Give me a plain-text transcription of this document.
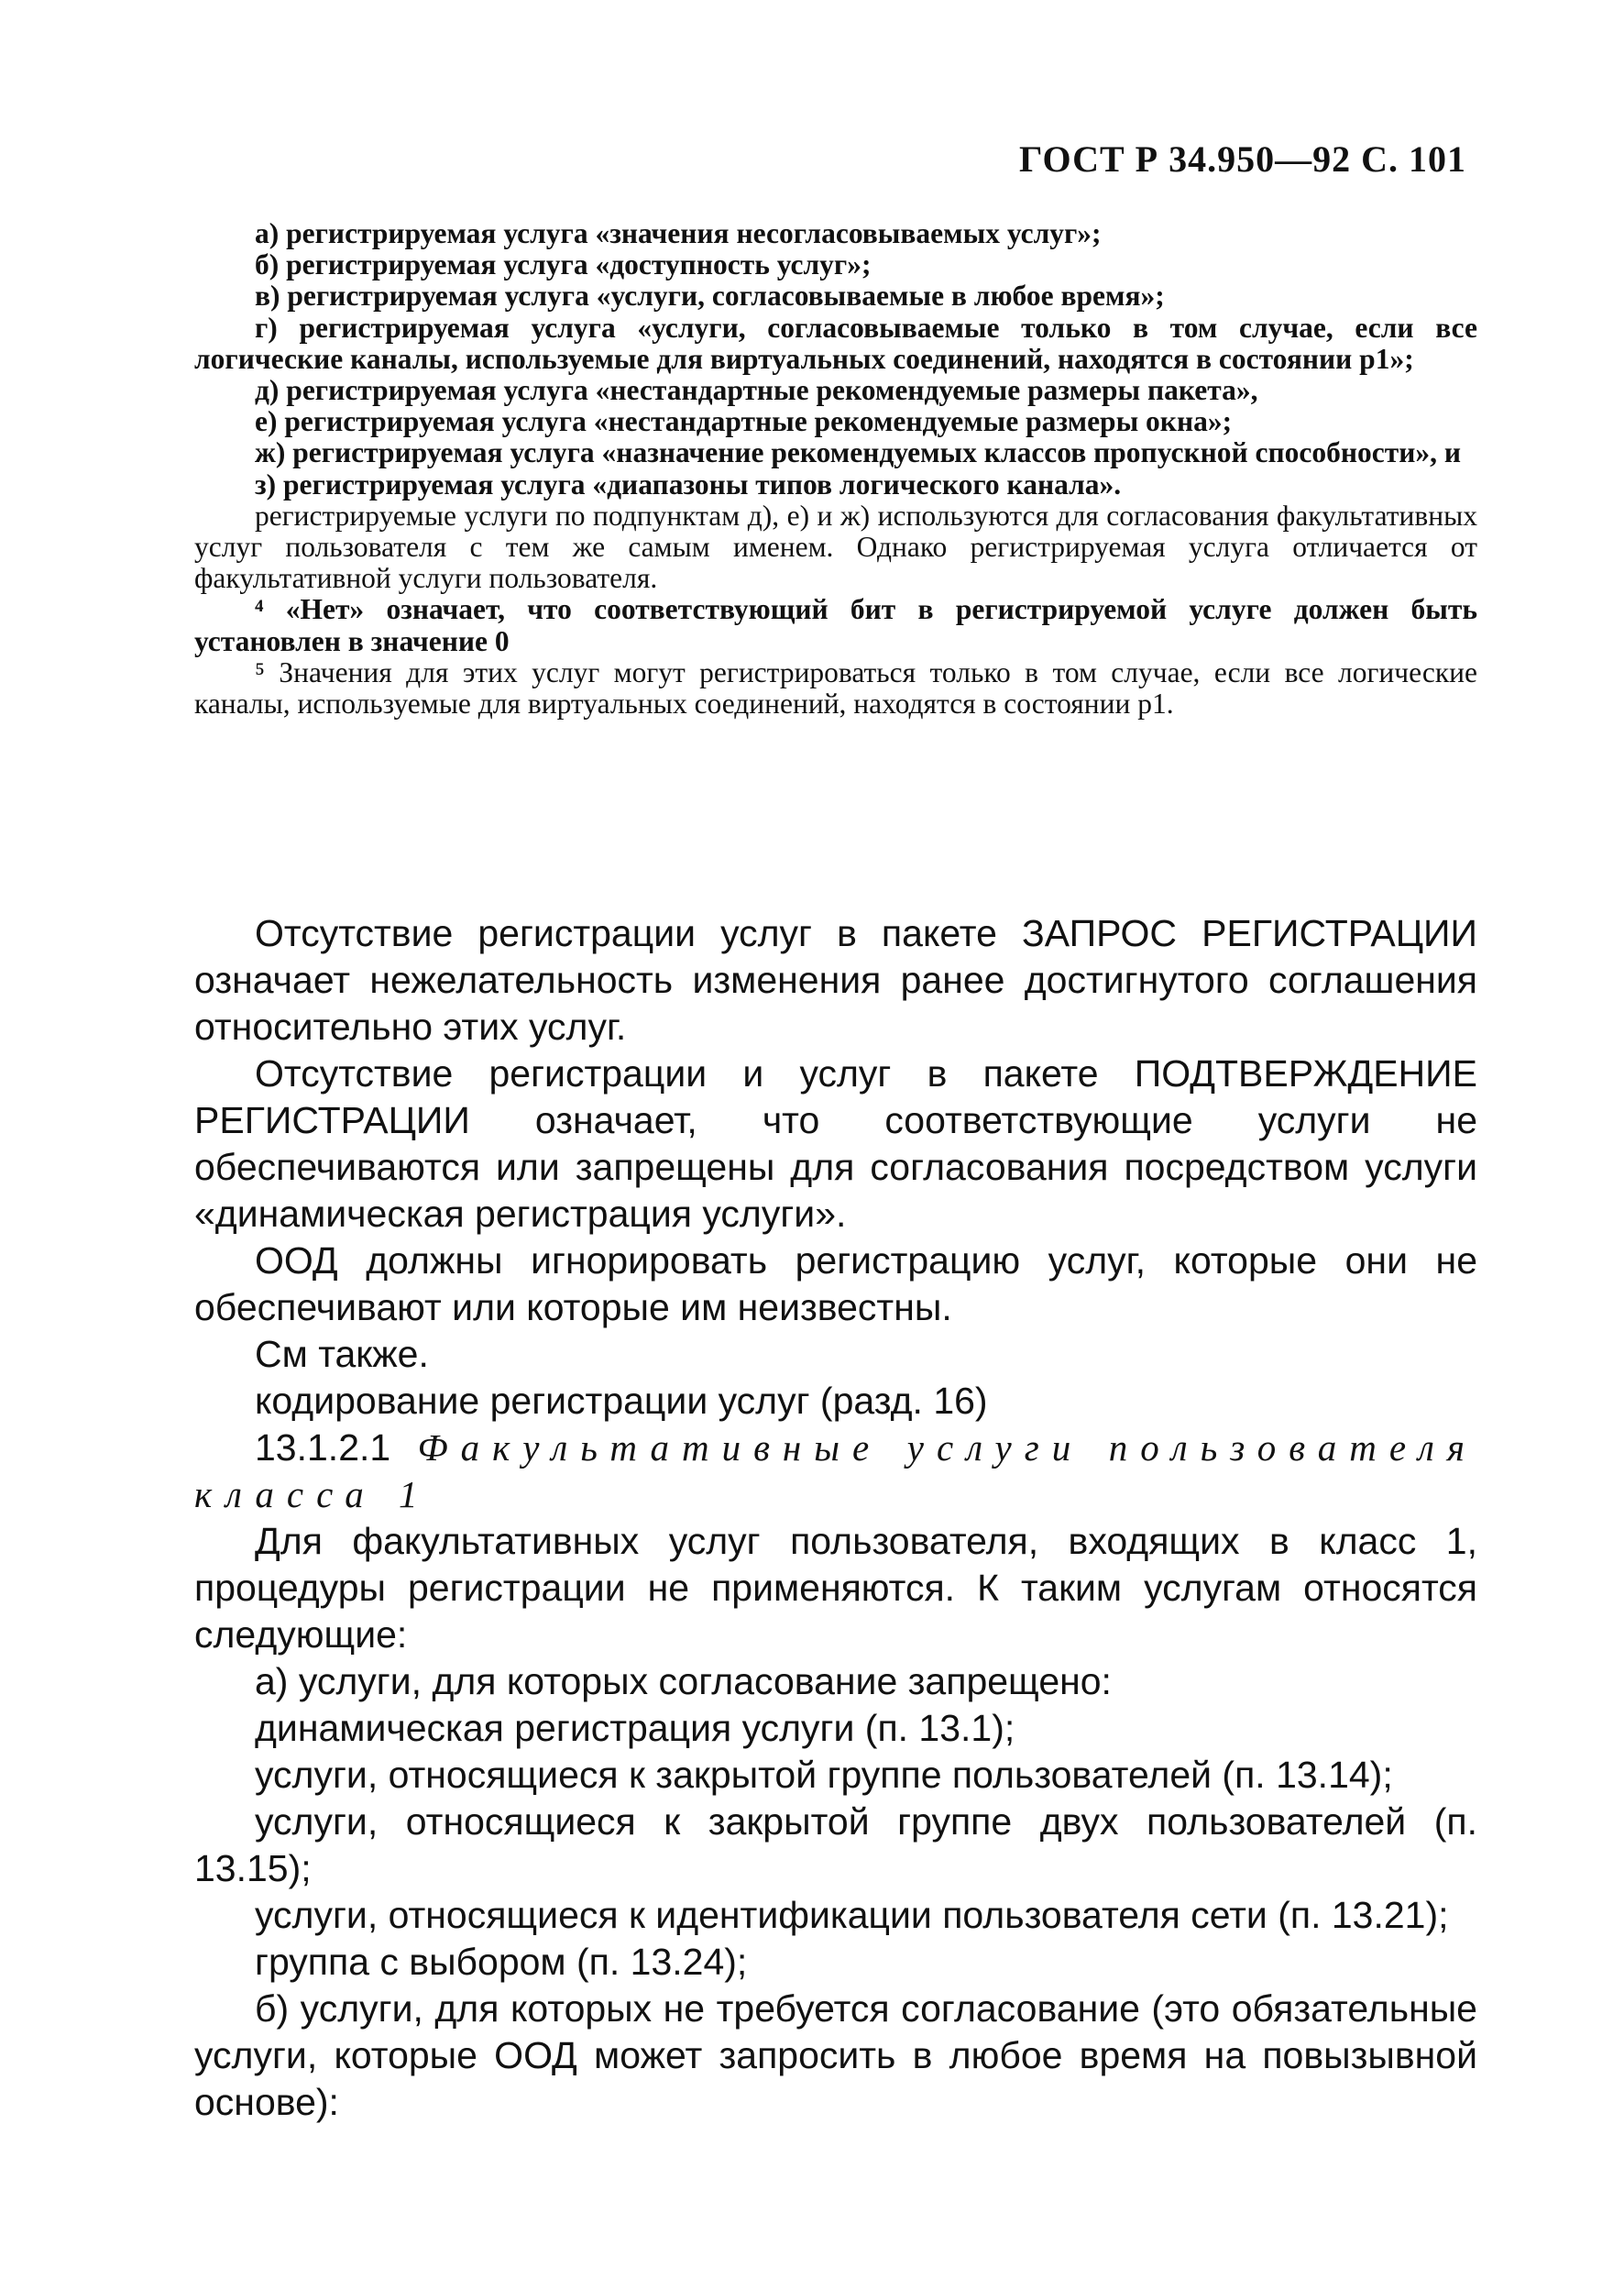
ГОСТ Р 34.950—92 С. 101

а) регистрируемая услуга «значения несогласовываемых услуг»;

б) регистрируемая услуга «доступность услуг»;

в) регистрируемая услуга «услуги, согласовываемые в любое время»;

г) регистрируемая услуга «услуги, согласовываемые только в том случае, если все логические каналы, используемые для виртуальных соединений, находятся в состоянии р1»;

д) регистрируемая услуга «нестандартные рекомендуемые размеры пакета»,

е) регистрируемая услуга «нестандартные рекомендуемые размеры окна»;

ж) регистрируемая услуга «назначение рекомендуемых классов пропускной способности», и

з) регистрируемая услуга «диапазоны типов логического канала».

регистрируемые услуги по подпунктам д), е) и ж) используются для согласования факультативных услуг пользователя с тем же самым именем. Однако регистрируемая услуга отличается от факультативной услуги пользователя.

⁴ «Нет» означает, что соответствующий бит в регистрируемой услуге должен быть установлен в значение 0

⁵ Значения для этих услуг могут регистрироваться только в том случае, если все логические каналы, используемые для виртуальных соединений, находятся в состоянии р1.

Отсутствие регистрации услуг в пакете ЗАПРОС РЕГИСТРАЦИИ означает нежелательность изменения ранее достигнутого соглашения относительно этих услуг.

Отсутствие регистрации и услуг в пакете ПОДТВЕРЖДЕНИЕ РЕГИСТРАЦИИ означает, что соответствующие услуги не обеспечиваются или запрещены для согласования посредством услуги «динамическая регистрация услуги».

ООД должны игнорировать регистрацию услуг, которые они не обеспечивают или которые им неизвестны.

См также.

кодирование регистрации услуг (разд. 16)

13.1.2.1 Факультативные услуги пользователя класса 1

Для факультативных услуг пользователя, входящих в класс 1, процедуры регистрации не применяются. К таким услугам относятся следующие:

а) услуги, для которых согласование запрещено:

динамическая регистрация услуги (п. 13.1);

услуги, относящиеся к закрытой группе пользователей (п. 13.14);

услуги, относящиеся к закрытой группе двух пользователей (п. 13.15);

услуги, относящиеся к идентификации пользователя сети (п. 13.21);

группа с выбором (п. 13.24);

б) услуги, для которых не требуется согласование (это обязательные услуги, которые ООД может запросить в любое время на повызывной основе):
